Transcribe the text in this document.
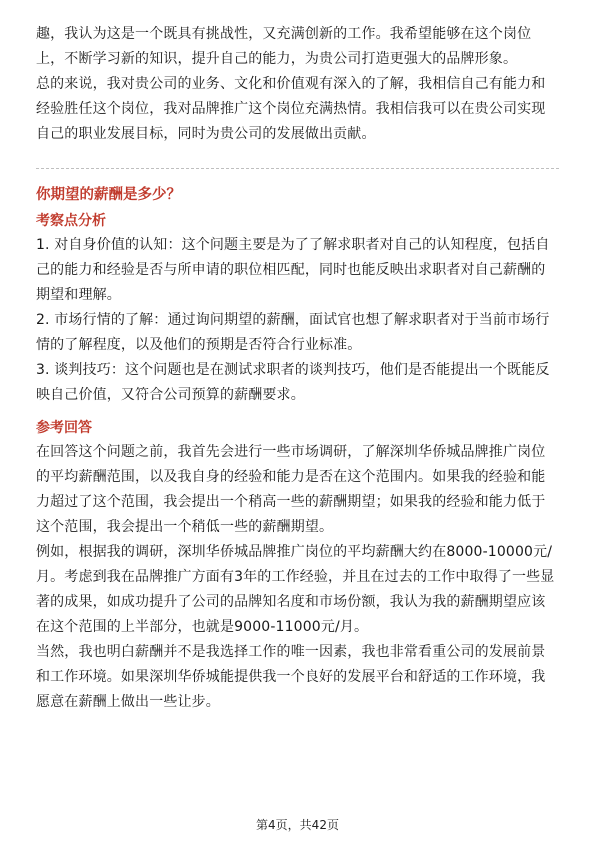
趣，我认为这是一个既具有挑战性，又充满创新的工作。我希望能够在这个岗位上，不断学习新的知识，提升自己的能力，为贵公司打造更强大的品牌形象。

总的来说，我对贵公司的业务、文化和价值观有深入的了解，我相信自己有能力和经验胜任这个岗位，我对品牌推广这个岗位充满热情。我相信我可以在贵公司实现自己的职业发展目标，同时为贵公司的发展做出贡献。

你期望的薪酬是多少？
考察点分析

1. 对自身价值的认知：这个问题主要是为了了解求职者对自己的认知程度，包括自己的能力和经验是否与所申请的职位相匹配，同时也能反映出求职者对自己薪酬的期望和理解。

2. 市场行情的了解：通过询问期望的薪酬，面试官也想了解求职者对于当前市场行情的了解程度，以及他们的预期是否符合行业标准。

3. 谈判技巧：这个问题也是在测试求职者的谈判技巧，他们是否能提出一个既能反映自己价值，又符合公司预算的薪酬要求。

参考回答

在回答这个问题之前，我首先会进行一些市场调研，了解深圳华侨城品牌推广岗位的平均薪酬范围，以及我自身的经验和能力是否在这个范围内。如果我的经验和能力超过了这个范围，我会提出一个稍高一些的薪酬期望；如果我的经验和能力低于这个范围，我会提出一个稍低一些的薪酬期望。

例如，根据我的调研，深圳华侨城品牌推广岗位的平均薪酬大约在8000-10000元/月。考虑到我在品牌推广方面有3年的工作经验，并且在过去的工作中取得了一些显著的成果，如成功提升了公司的品牌知名度和市场份额，我认为我的薪酬期望应该在这个范围的上半部分，也就是9000-11000元/月。

当然，我也明白薪酬并不是我选择工作的唯一因素，我也非常看重公司的发展前景和工作环境。如果深圳华侨城能提供我一个良好的发展平台和舒适的工作环境，我愿意在薪酬上做出一些让步。

第4页，共42页
